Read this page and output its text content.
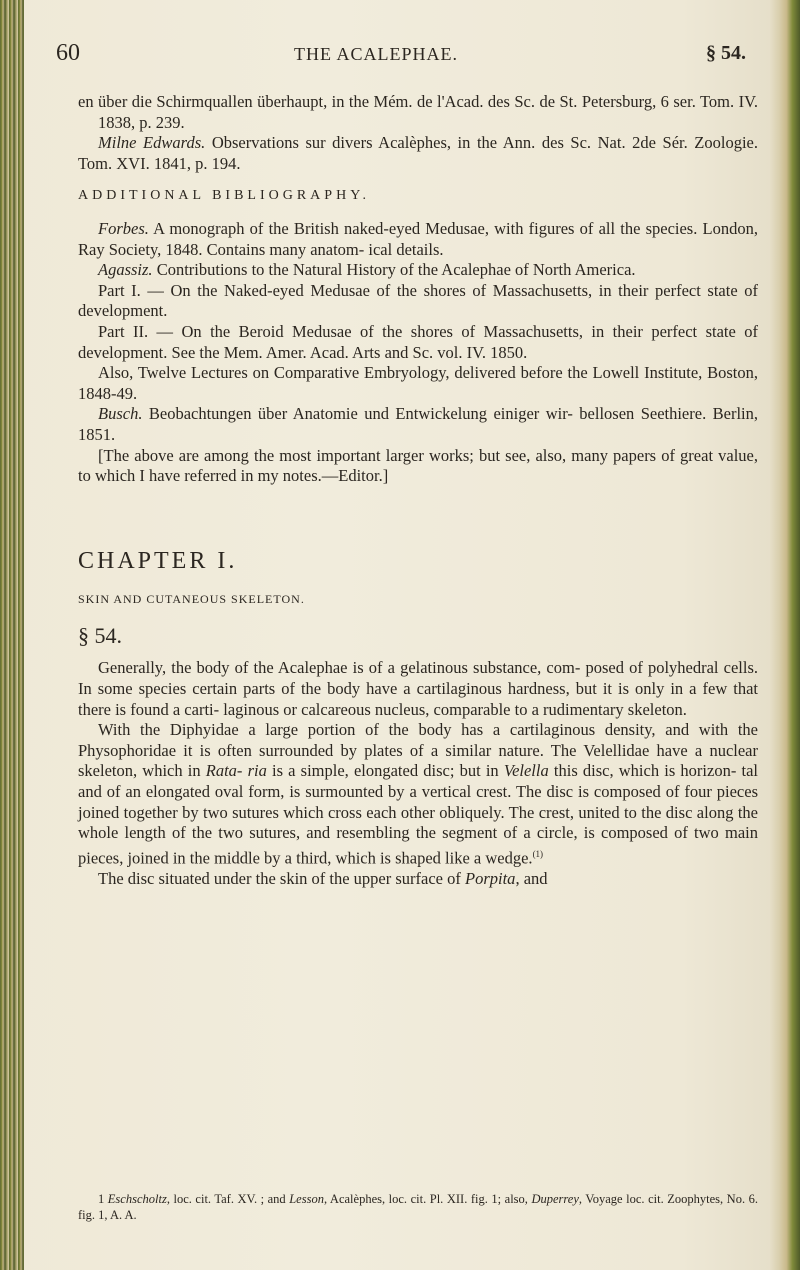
60	THE ACALEPHAE.	§ 54.

en über die Schirmquallen überhaupt, in the Mém. de l'Acad. des Sc. de St. Petersburg, 6 ser. Tom. IV. 1838, p. 239.

Milne Edwards. Observations sur divers Acalèphes, in the Ann. des Sc. Nat. 2de Sér. Zoologie. Tom. XVI. 1841, p. 194.

ADDITIONAL BIBLIOGRAPHY.

Forbes. A monograph of the British naked-eyed Medusae, with figures of all the species. London, Ray Society, 1848. Contains many anatom- ical details.

Agassiz. Contributions to the Natural History of the Acalephae of North America.

Part I. — On the Naked-eyed Medusae of the shores of Massachusetts, in their perfect state of development.

Part II. — On the Beroid Medusae of the shores of Massachusetts, in their perfect state of development. See the Mem. Amer. Acad. Arts and Sc. vol. IV. 1850.

Also, Twelve Lectures on Comparative Embryology, delivered before the Lowell Institute, Boston, 1848-49.

Busch. Beobachtungen über Anatomie und Entwickelung einiger wir- bellosen Seethiere. Berlin, 1851.

[The above are among the most important larger works; but see, also, many papers of great value, to which I have referred in my notes.—Editor.]

CHAPTER I.

SKIN AND CUTANEOUS SKELETON.

§ 54.

Generally, the body of the Acalephae is of a gelatinous substance, com- posed of polyhedral cells. In some species certain parts of the body have a cartilaginous hardness, but it is only in a few that there is found a carti- laginous or calcareous nucleus, comparable to a rudimentary skeleton.

With the Diphyidae a large portion of the body has a cartilaginous density, and with the Physophoridae it is often surrounded by plates of a similar nature. The Velellidae have a nuclear skeleton, which in Rata- ria is a simple, elongated disc; but in Velella this disc, which is horizon- tal and of an elongated oval form, is surmounted by a vertical crest. The disc is composed of four pieces joined together by two sutures which cross each other obliquely. The crest, united to the disc along the whole length of the two sutures, and resembling the segment of a circle, is composed of two main pieces, joined in the middle by a third, which is shaped like a wedge.$^{(1)}$

The disc situated under the skin of the upper surface of Porpita, and

1 Eschscholtz, loc. cit. Taf. XV. ; and Lesson, Acalèphes, loc. cit. Pl. XII. fig. 1; also, Duperrey, Voyage loc. cit. Zoophytes, No. 6. fig. 1, A. A.
